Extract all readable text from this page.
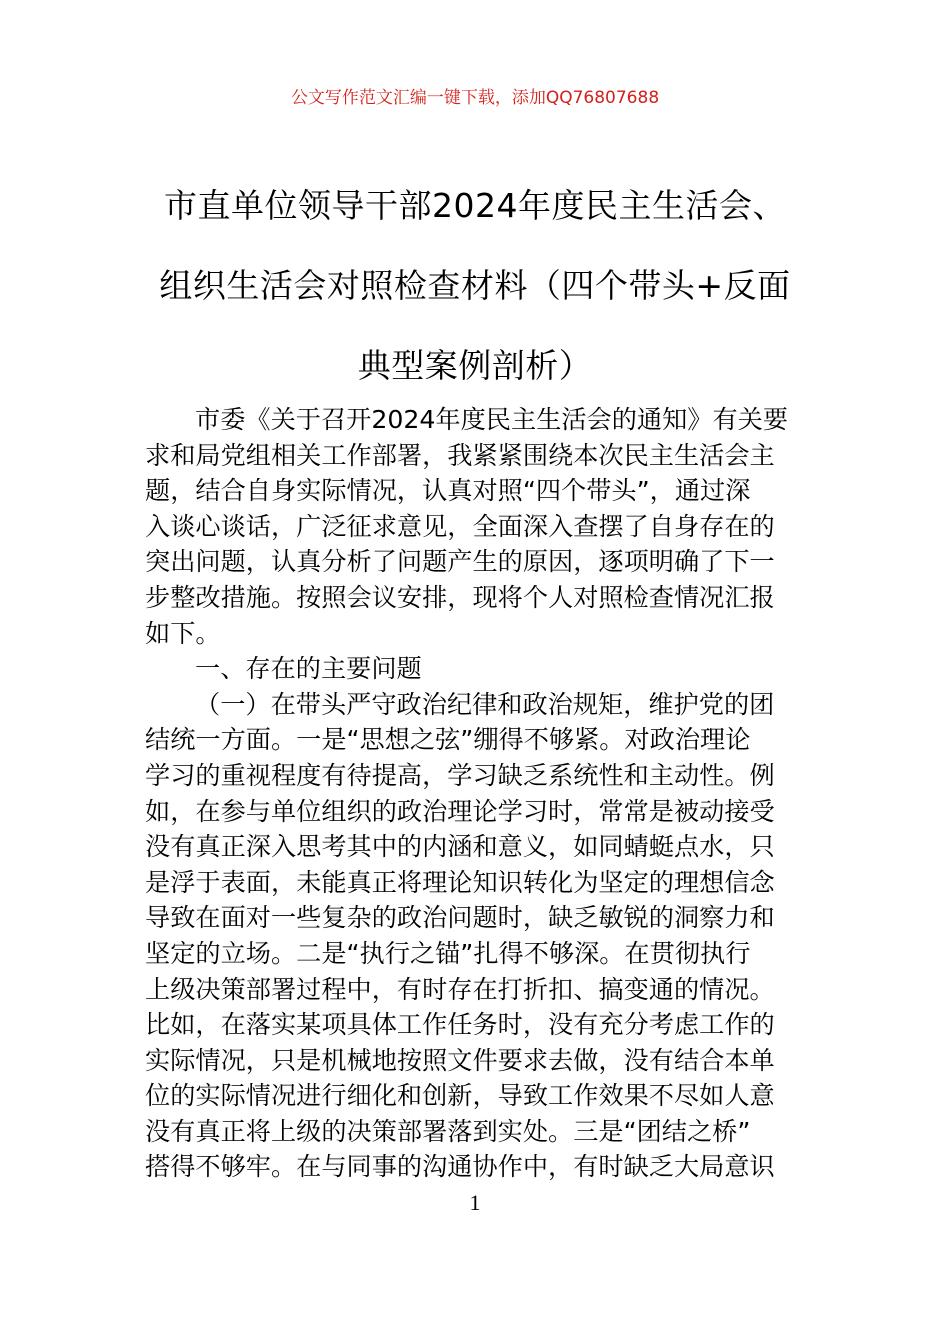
公文写作范文汇编一键下载，添加QQ76807688
市直单位领导干部2024年度民主生活会、
组织生活会对照检查材料（四个带头+反面
典型案例剖析）
市委《关于召开2024年度民主生活会的通知》有关要
求和局党组相关工作部署，我紧紧围绕本次民主生活会主
题，结合自身实际情况，认真对照“四个带头”，通过深
入谈心谈话，广泛征求意见，全面深入查摆了自身存在的
突出问题，认真分析了问题产生的原因，逐项明确了下一
步整改措施。按照会议安排，现将个人对照检查情况汇报
如下。
一、存在的主要问题
（一）在带头严守政治纪律和政治规矩，维护党的团
结统一方面。一是“思想之弦”绷得不够紧。对政治理论
学习的重视程度有待提高，学习缺乏系统性和主动性。例
如，在参与单位组织的政治理论学习时，常常是被动接受
没有真正深入思考其中的内涵和意义，如同蜻蜓点水，只
是浮于表面，未能真正将理论知识转化为坚定的理想信念
导致在面对一些复杂的政治问题时，缺乏敏锐的洞察力和
坚定的立场。二是“执行之锚”扎得不够深。在贯彻执行
上级决策部署过程中，有时存在打折扣、搞变通的情况。
比如，在落实某项具体工作任务时，没有充分考虑工作的
实际情况，只是机械地按照文件要求去做，没有结合本单
位的实际情况进行细化和创新，导致工作效果不尽如人意
没有真正将上级的决策部署落到实处。三是“团结之桥”
搭得不够牢。在与同事的沟通协作中，有时缺乏大局意识
1
